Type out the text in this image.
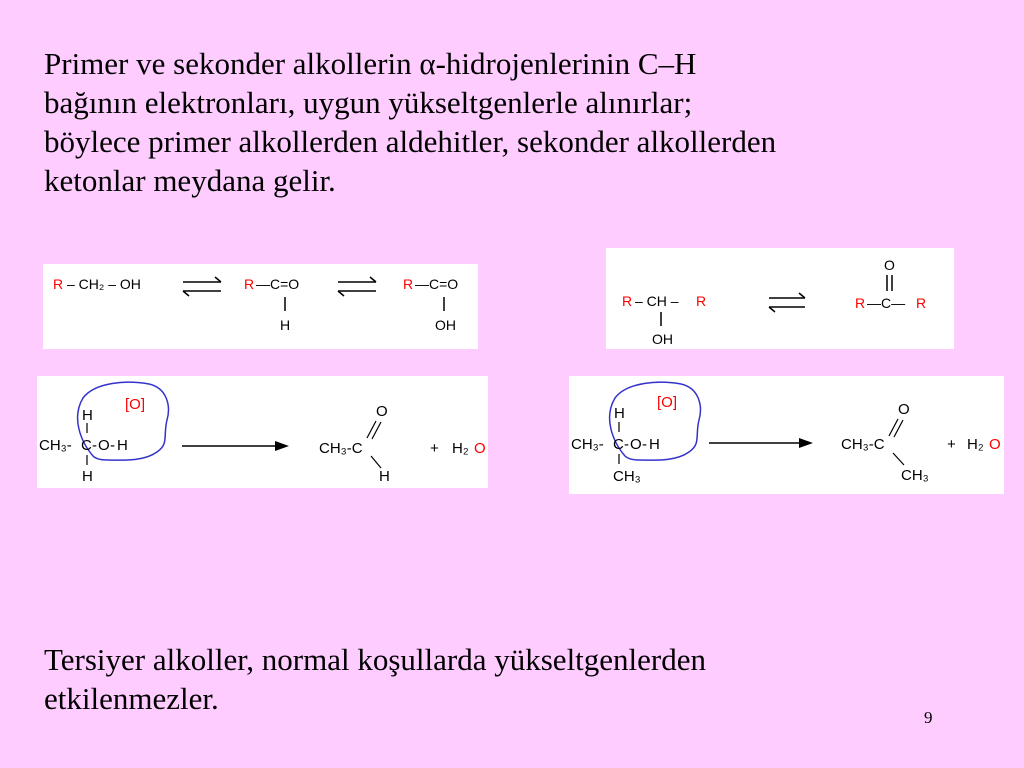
Primer ve sekonder alkollerin α-hidrojenlerinin C–H
bağının elektronları, uygun yükseltgenlerle alınırlar;
böylece primer alkollerden aldehitler, sekonder alkollerden
ketonlar meydana gelir.

R – CH₂ – OH	R —C=O
H
R —C=O
OH
R – CH – R
OH
O
R —C— R
[O]
H
CH₃- C - O - H
H
O
CH₃-C
H
+ H₂ O
[O]
H
CH₃- C - O - H
CH₃
O
CH₃-C
CH₃
+ H₂ O

Tersiyer alkoller, normal koşullarda yükseltgenlerden
etkilenmezler.

9
